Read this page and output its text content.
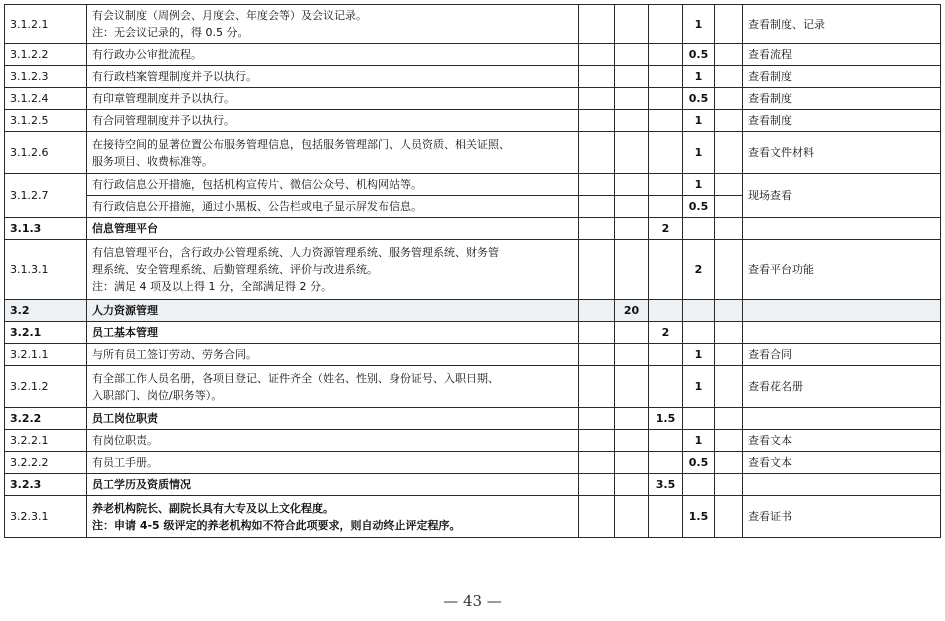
3.1.2.1	有会议制度（周例会、月度会、年度会等）及会议记录。
注：无会议记录的，得 0.5 分。				1		查看制度、记录
3.1.2.2	有行政办公审批流程。				0.5		查看流程
3.1.2.3	有行政档案管理制度并予以执行。				1		查看制度
3.1.2.4	有印章管理制度并予以执行。				0.5		查看制度
3.1.2.5	有合同管理制度并予以执行。				1		查看制度
3.1.2.6	在接待空间的显著位置公布服务管理信息，包括服务管理部门、人员资质、相关证照、
服务项目、收费标准等。				1		查看文件材料
3.1.2.7	有行政信息公开措施，包括机构宣传片、微信公众号、机构网站等。				1		现场查看
	有行政信息公开措施，通过小黑板、公告栏或电子显示屏发布信息。				0.5		
3.1.3	信息管理平台			2			
3.1.3.1	有信息管理平台，含行政办公管理系统、人力资源管理系统、服务管理系统、财务管
理系统、安全管理系统、后勤管理系统、评价与改进系统。
注：满足 4 项及以上得 1 分，全部满足得 2 分。				2		查看平台功能
3.2	人力资源管理		20				
3.2.1	员工基本管理			2			
3.2.1.1	与所有员工签订劳动、劳务合同。				1		查看合同
3.2.1.2	有全部工作人员名册，各项目登记、证件齐全（姓名、性别、身份证号、入职日期、
入职部门、岗位/职务等）。				1		查看花名册
3.2.2	员工岗位职责			1.5			
3.2.2.1	有岗位职责。				1		查看文本
3.2.2.2	有员工手册。				0.5		查看文本
3.2.3	员工学历及资质情况			3.5			
3.2.3.1	养老机构院长、副院长具有大专及以上文化程度。
注：申请 4-5 级评定的养老机构如不符合此项要求，则自动终止评定程序。				1.5		查看证书
— 43 —
